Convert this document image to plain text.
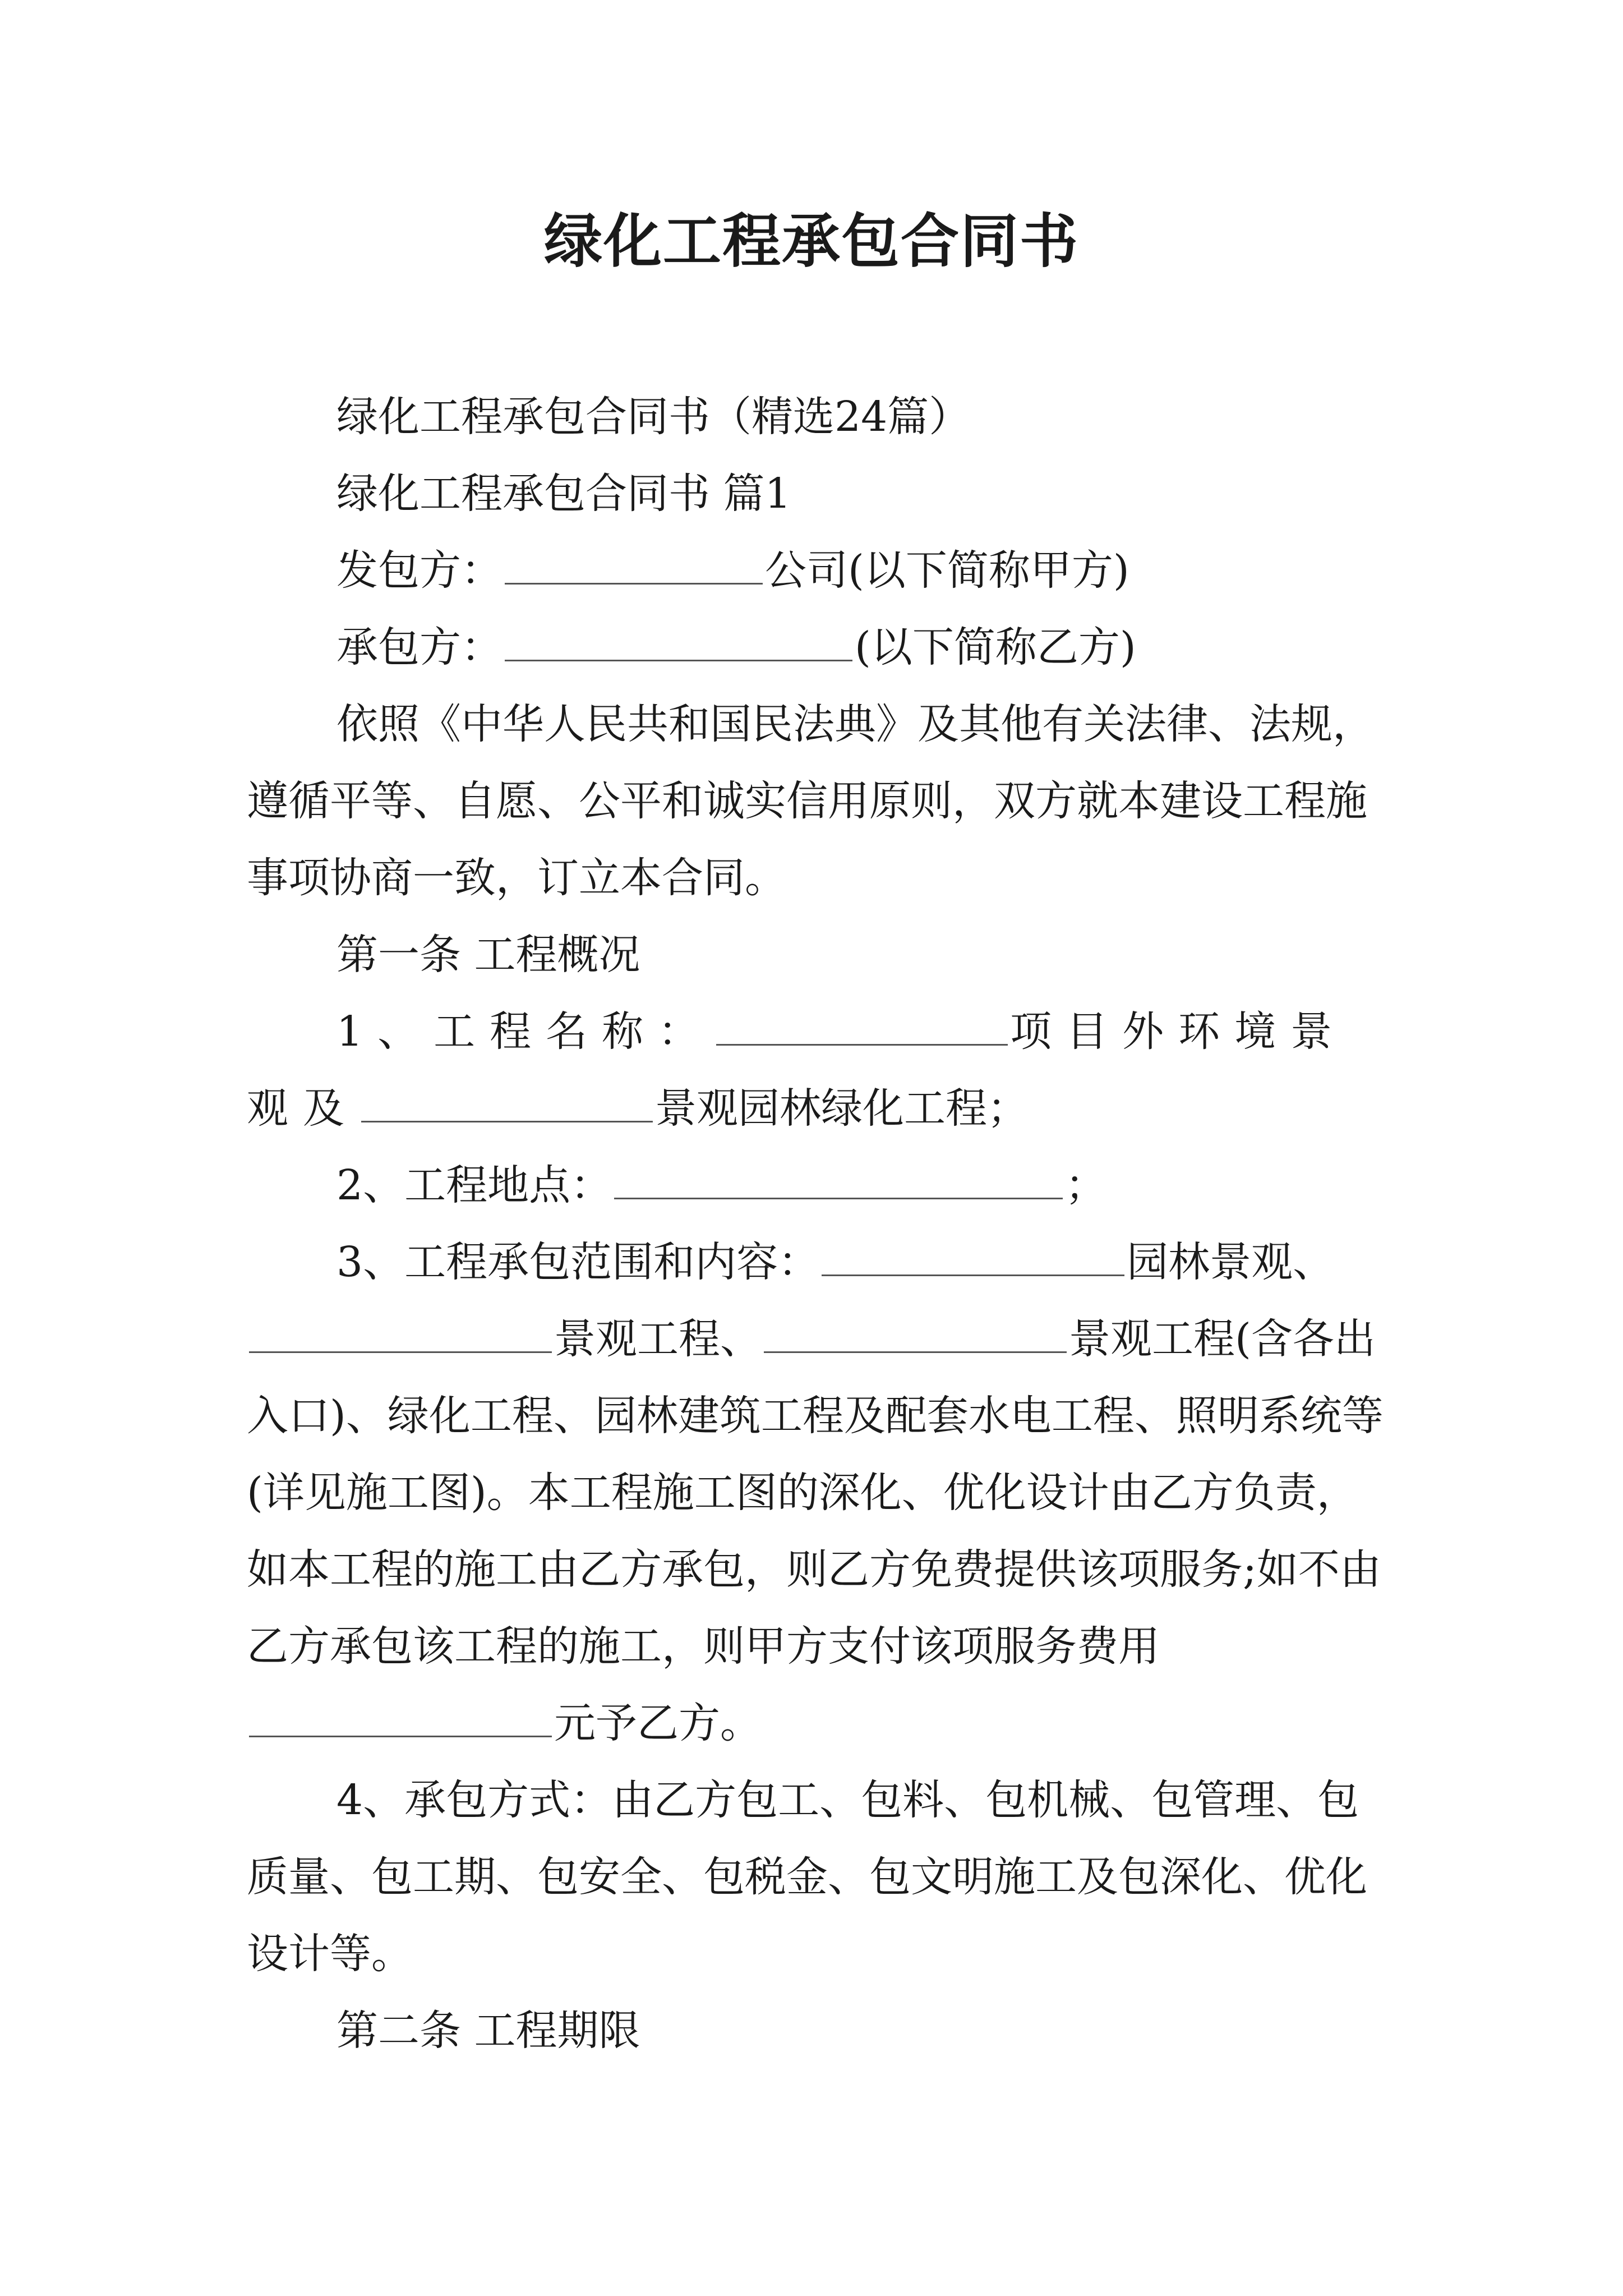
绿化工程承包合同书

绿化工程承包合同书（精选24篇）

绿化工程承包合同书 篇1

发包方：	公司(以下简称甲方)

承包方：	(以下简称乙方)

依照《中华人民共和国民法典》及其他有关法律、法规，遵循平等、自愿、公平和诚实信用原则，双方就本建设工程施事项协商一致，订立本合同。

第一条 工程概况

1、工程名称：	项目外环境景观及	景观园林绿化工程；

2、工程地点：	；

3、工程承包范围和内容：	园林景观、景观工程、	景观工程(含各出入口)、绿化工程、园林建筑工程及配套水电工程、照明系统等(详见施工图)。本工程施工图的深化、优化设计由乙方负责，如本工程的施工由乙方承包，则乙方免费提供该项服务;如不由乙方承包该工程的施工，则甲方支付该项服务费用元予乙方。

4、承包方式：由乙方包工、包料、包机械、包管理、包质量、包工期、包安全、包税金、包文明施工及包深化、优化设计等。

第二条 工程期限
